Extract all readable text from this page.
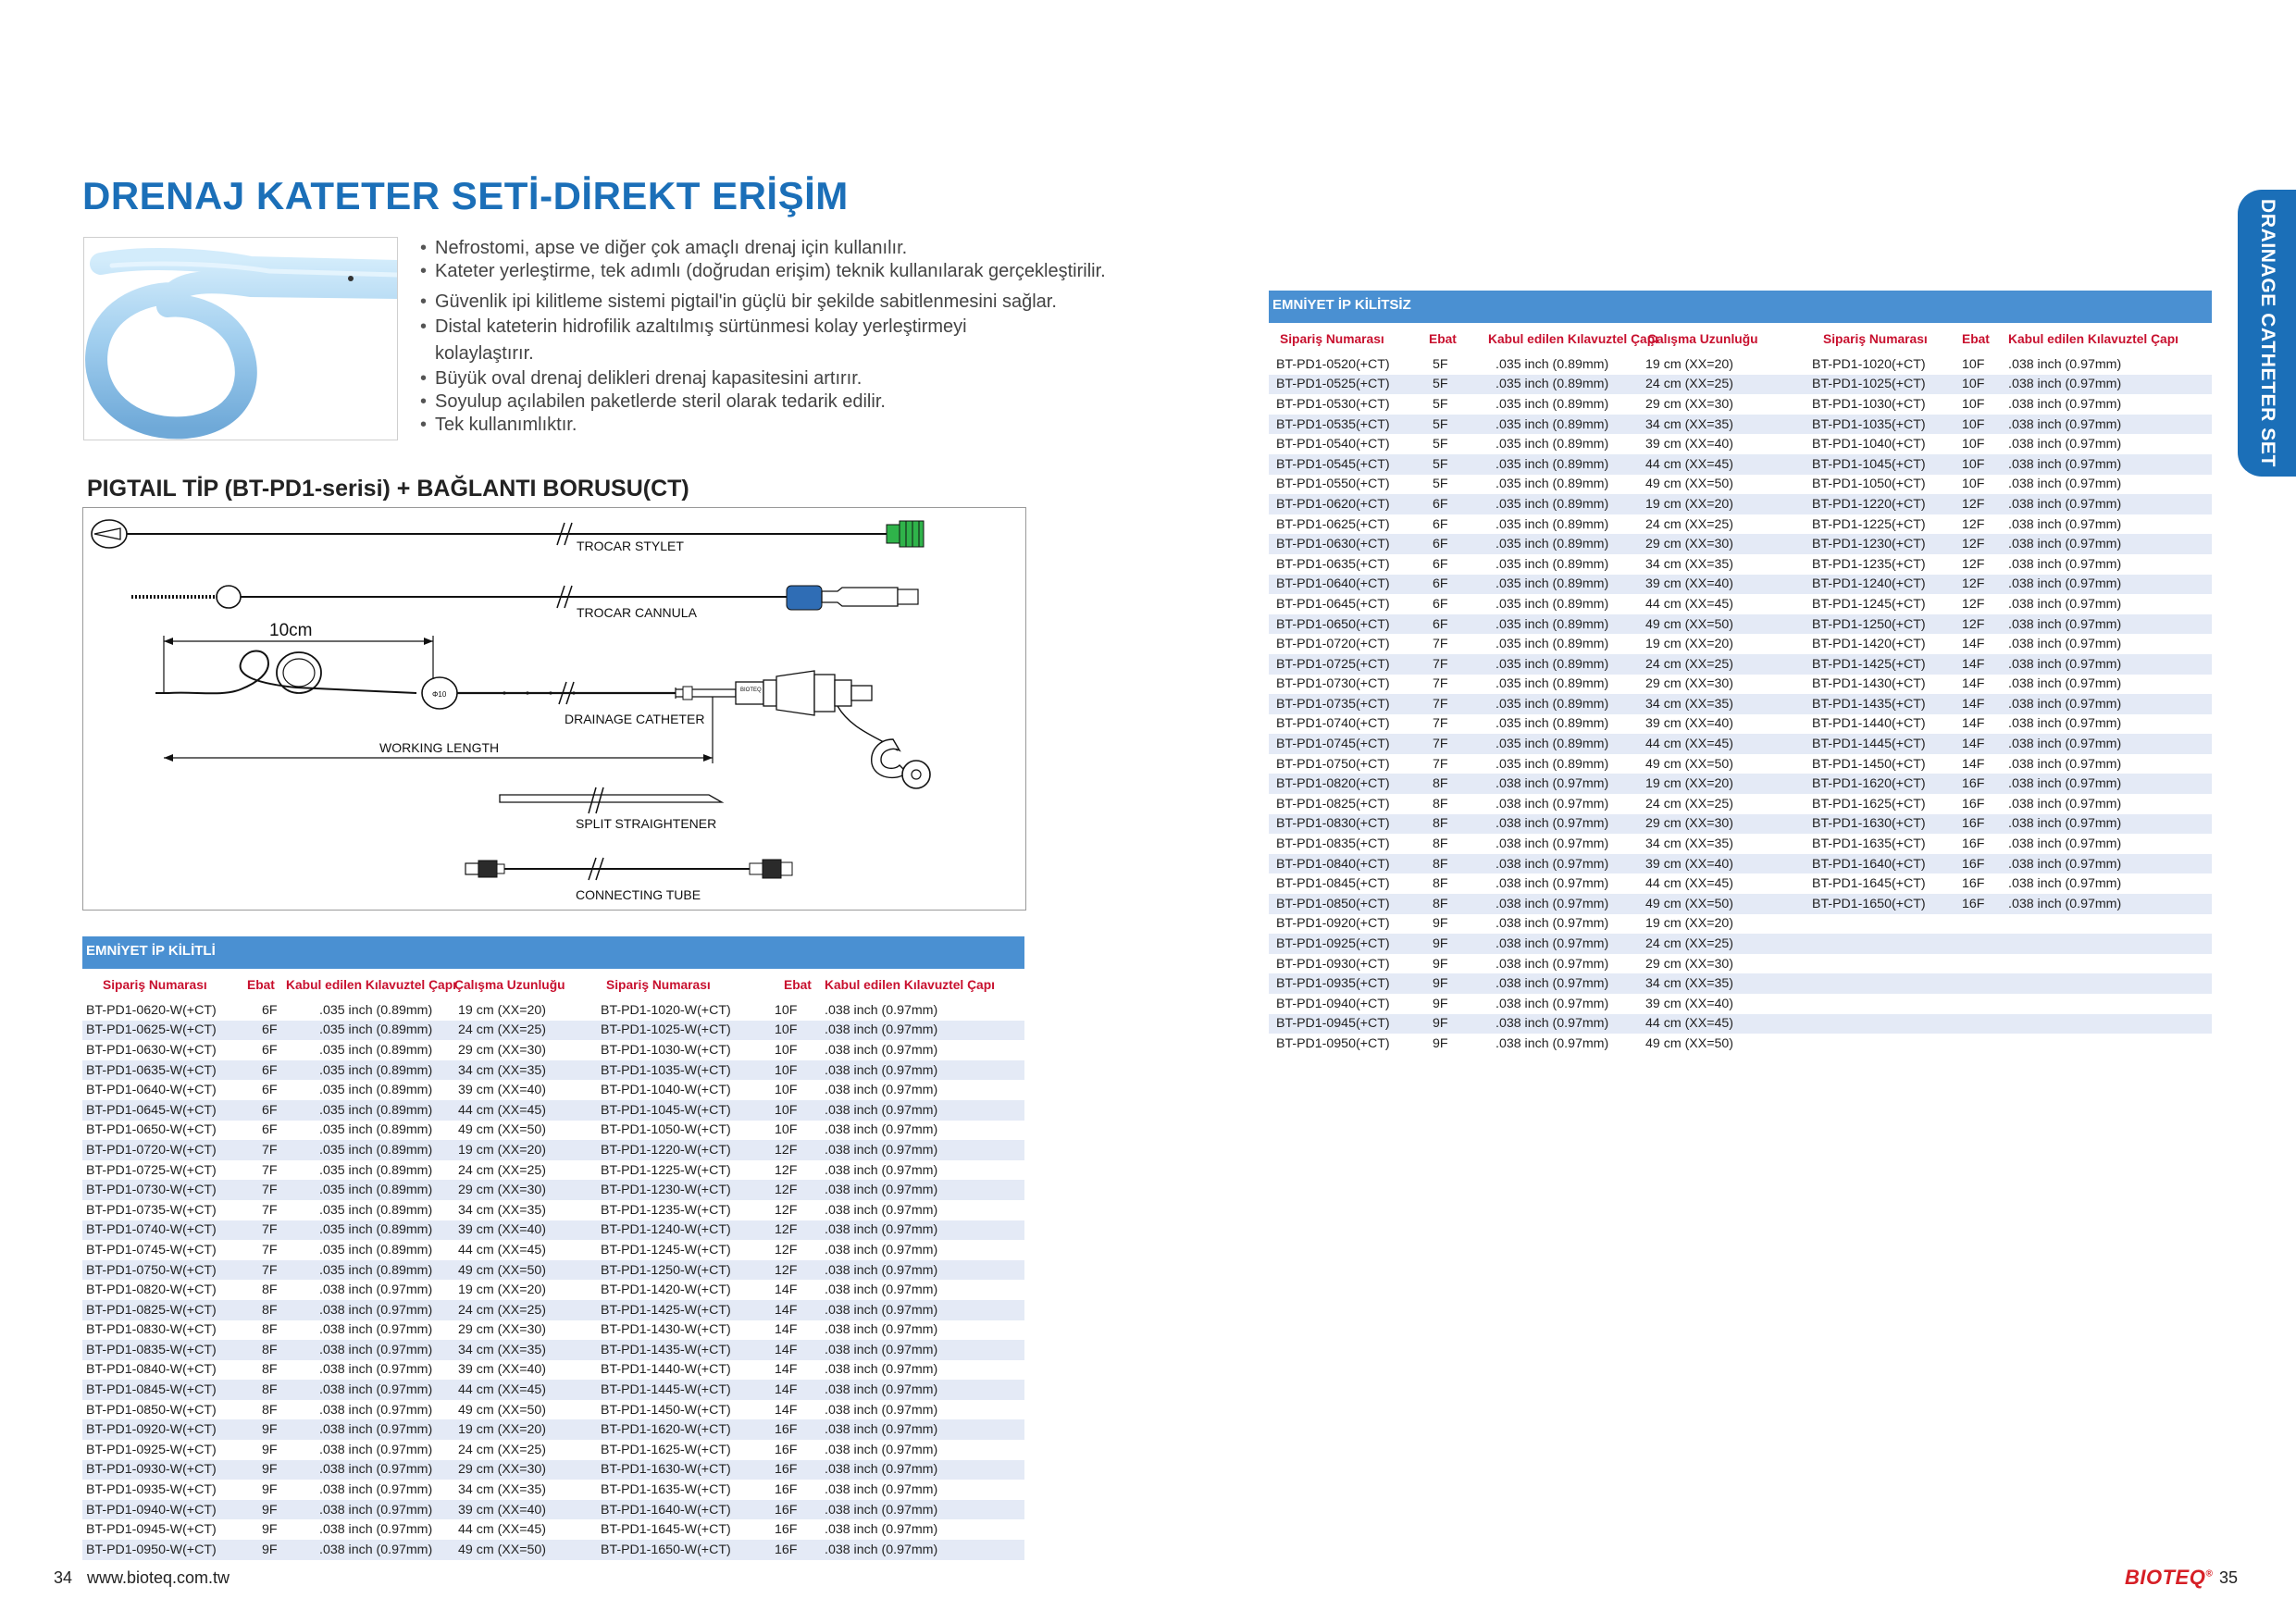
DRENAJ KATETER SETİ-DİREKT ERİŞİM
• Nefrostomi, apse ve diğer çok amaçlı drenaj için kullanılır.
• Kateter yerleştirme, tek adımlı (doğrudan erişim) teknik kullanılarak gerçekleştirilir.
• Güvenlik ipi kilitleme sistemi pigtail'in güçlü bir şekilde sabitlenmesini sağlar.
• Distal kateterin hidrofilik azaltılmış sürtünmesi kolay yerleştirmeyi kolaylaştırır.
• Büyük oval drenaj delikleri drenaj kapasitesini artırır.
• Soyulup açılabilen paketlerde steril olarak tedarik edilir.
• Tek kullanımlıktır.
PIGTAIL TİP (BT-PD1-serisi) + BAĞLANTI BORUSU(CT)
TROCAR STYLET
TROCAR CANNULA
10cm
Φ10	BIOTEQ
DRAINAGE CATHETER
WORKING LENGTH
SPLIT STRAIGHTENER
CONNECTING TUBE
EMNİYET İP KİLİTLİ
Sipariş Numarası	Ebat	Kabul edilen Kılavuztel Çapı	Çalışma Uzunluğu	Sipariş Numarası	Ebat	Kabul edilen Kılavuztel Çapı
BT-PD1-0620-W(+CT)	6F	.035 inch (0.89mm)	19 cm (XX=20)	BT-PD1-1020-W(+CT)	10F	.038 inch (0.97mm)
BT-PD1-0625-W(+CT)	6F	.035 inch (0.89mm)	24 cm (XX=25)	BT-PD1-1025-W(+CT)	10F	.038 inch (0.97mm)
BT-PD1-0630-W(+CT)	6F	.035 inch (0.89mm)	29 cm (XX=30)	BT-PD1-1030-W(+CT)	10F	.038 inch (0.97mm)
BT-PD1-0635-W(+CT)	6F	.035 inch (0.89mm)	34 cm (XX=35)	BT-PD1-1035-W(+CT)	10F	.038 inch (0.97mm)
BT-PD1-0640-W(+CT)	6F	.035 inch (0.89mm)	39 cm (XX=40)	BT-PD1-1040-W(+CT)	10F	.038 inch (0.97mm)
BT-PD1-0645-W(+CT)	6F	.035 inch (0.89mm)	44 cm (XX=45)	BT-PD1-1045-W(+CT)	10F	.038 inch (0.97mm)
BT-PD1-0650-W(+CT)	6F	.035 inch (0.89mm)	49 cm (XX=50)	BT-PD1-1050-W(+CT)	10F	.038 inch (0.97mm)
BT-PD1-0720-W(+CT)	7F	.035 inch (0.89mm)	19 cm (XX=20)	BT-PD1-1220-W(+CT)	12F	.038 inch (0.97mm)
BT-PD1-0725-W(+CT)	7F	.035 inch (0.89mm)	24 cm (XX=25)	BT-PD1-1225-W(+CT)	12F	.038 inch (0.97mm)
BT-PD1-0730-W(+CT)	7F	.035 inch (0.89mm)	29 cm (XX=30)	BT-PD1-1230-W(+CT)	12F	.038 inch (0.97mm)
BT-PD1-0735-W(+CT)	7F	.035 inch (0.89mm)	34 cm (XX=35)	BT-PD1-1235-W(+CT)	12F	.038 inch (0.97mm)
BT-PD1-0740-W(+CT)	7F	.035 inch (0.89mm)	39 cm (XX=40)	BT-PD1-1240-W(+CT)	12F	.038 inch (0.97mm)
BT-PD1-0745-W(+CT)	7F	.035 inch (0.89mm)	44 cm (XX=45)	BT-PD1-1245-W(+CT)	12F	.038 inch (0.97mm)
BT-PD1-0750-W(+CT)	7F	.035 inch (0.89mm)	49 cm (XX=50)	BT-PD1-1250-W(+CT)	12F	.038 inch (0.97mm)
BT-PD1-0820-W(+CT)	8F	.038 inch (0.97mm)	19 cm (XX=20)	BT-PD1-1420-W(+CT)	14F	.038 inch (0.97mm)
BT-PD1-0825-W(+CT)	8F	.038 inch (0.97mm)	24 cm (XX=25)	BT-PD1-1425-W(+CT)	14F	.038 inch (0.97mm)
BT-PD1-0830-W(+CT)	8F	.038 inch (0.97mm)	29 cm (XX=30)	BT-PD1-1430-W(+CT)	14F	.038 inch (0.97mm)
BT-PD1-0835-W(+CT)	8F	.038 inch (0.97mm)	34 cm (XX=35)	BT-PD1-1435-W(+CT)	14F	.038 inch (0.97mm)
BT-PD1-0840-W(+CT)	8F	.038 inch (0.97mm)	39 cm (XX=40)	BT-PD1-1440-W(+CT)	14F	.038 inch (0.97mm)
BT-PD1-0845-W(+CT)	8F	.038 inch (0.97mm)	44 cm (XX=45)	BT-PD1-1445-W(+CT)	14F	.038 inch (0.97mm)
BT-PD1-0850-W(+CT)	8F	.038 inch (0.97mm)	49 cm (XX=50)	BT-PD1-1450-W(+CT)	14F	.038 inch (0.97mm)
BT-PD1-0920-W(+CT)	9F	.038 inch (0.97mm)	19 cm (XX=20)	BT-PD1-1620-W(+CT)	16F	.038 inch (0.97mm)
BT-PD1-0925-W(+CT)	9F	.038 inch (0.97mm)	24 cm (XX=25)	BT-PD1-1625-W(+CT)	16F	.038 inch (0.97mm)
BT-PD1-0930-W(+CT)	9F	.038 inch (0.97mm)	29 cm (XX=30)	BT-PD1-1630-W(+CT)	16F	.038 inch (0.97mm)
BT-PD1-0935-W(+CT)	9F	.038 inch (0.97mm)	34 cm (XX=35)	BT-PD1-1635-W(+CT)	16F	.038 inch (0.97mm)
BT-PD1-0940-W(+CT)	9F	.038 inch (0.97mm)	39 cm (XX=40)	BT-PD1-1640-W(+CT)	16F	.038 inch (0.97mm)
BT-PD1-0945-W(+CT)	9F	.038 inch (0.97mm)	44 cm (XX=45)	BT-PD1-1645-W(+CT)	16F	.038 inch (0.97mm)
BT-PD1-0950-W(+CT)	9F	.038 inch (0.97mm)	49 cm (XX=50)	BT-PD1-1650-W(+CT)	16F	.038 inch (0.97mm)
EMNİYET İP KİLİTSİZ
Sipariş Numarası	Ebat	Kabul edilen Kılavuztel Çapı	Çalışma Uzunluğu	Sipariş Numarası	Ebat	Kabul edilen Kılavuztel Çapı
BT-PD1-0520(+CT)	5F	.035 inch (0.89mm)	19 cm (XX=20)	BT-PD1-1020(+CT)	10F	.038 inch (0.97mm)
BT-PD1-0525(+CT)	5F	.035 inch (0.89mm)	24 cm (XX=25)	BT-PD1-1025(+CT)	10F	.038 inch (0.97mm)
BT-PD1-0530(+CT)	5F	.035 inch (0.89mm)	29 cm (XX=30)	BT-PD1-1030(+CT)	10F	.038 inch (0.97mm)
BT-PD1-0535(+CT)	5F	.035 inch (0.89mm)	34 cm (XX=35)	BT-PD1-1035(+CT)	10F	.038 inch (0.97mm)
BT-PD1-0540(+CT)	5F	.035 inch (0.89mm)	39 cm (XX=40)	BT-PD1-1040(+CT)	10F	.038 inch (0.97mm)
BT-PD1-0545(+CT)	5F	.035 inch (0.89mm)	44 cm (XX=45)	BT-PD1-1045(+CT)	10F	.038 inch (0.97mm)
BT-PD1-0550(+CT)	5F	.035 inch (0.89mm)	49 cm (XX=50)	BT-PD1-1050(+CT)	10F	.038 inch (0.97mm)
BT-PD1-0620(+CT)	6F	.035 inch (0.89mm)	19 cm (XX=20)	BT-PD1-1220(+CT)	12F	.038 inch (0.97mm)
BT-PD1-0625(+CT)	6F	.035 inch (0.89mm)	24 cm (XX=25)	BT-PD1-1225(+CT)	12F	.038 inch (0.97mm)
BT-PD1-0630(+CT)	6F	.035 inch (0.89mm)	29 cm (XX=30)	BT-PD1-1230(+CT)	12F	.038 inch (0.97mm)
BT-PD1-0635(+CT)	6F	.035 inch (0.89mm)	34 cm (XX=35)	BT-PD1-1235(+CT)	12F	.038 inch (0.97mm)
BT-PD1-0640(+CT)	6F	.035 inch (0.89mm)	39 cm (XX=40)	BT-PD1-1240(+CT)	12F	.038 inch (0.97mm)
BT-PD1-0645(+CT)	6F	.035 inch (0.89mm)	44 cm (XX=45)	BT-PD1-1245(+CT)	12F	.038 inch (0.97mm)
BT-PD1-0650(+CT)	6F	.035 inch (0.89mm)	49 cm (XX=50)	BT-PD1-1250(+CT)	12F	.038 inch (0.97mm)
BT-PD1-0720(+CT)	7F	.035 inch (0.89mm)	19 cm (XX=20)	BT-PD1-1420(+CT)	14F	.038 inch (0.97mm)
BT-PD1-0725(+CT)	7F	.035 inch (0.89mm)	24 cm (XX=25)	BT-PD1-1425(+CT)	14F	.038 inch (0.97mm)
BT-PD1-0730(+CT)	7F	.035 inch (0.89mm)	29 cm (XX=30)	BT-PD1-1430(+CT)	14F	.038 inch (0.97mm)
BT-PD1-0735(+CT)	7F	.035 inch (0.89mm)	34 cm (XX=35)	BT-PD1-1435(+CT)	14F	.038 inch (0.97mm)
BT-PD1-0740(+CT)	7F	.035 inch (0.89mm)	39 cm (XX=40)	BT-PD1-1440(+CT)	14F	.038 inch (0.97mm)
BT-PD1-0745(+CT)	7F	.035 inch (0.89mm)	44 cm (XX=45)	BT-PD1-1445(+CT)	14F	.038 inch (0.97mm)
BT-PD1-0750(+CT)	7F	.035 inch (0.89mm)	49 cm (XX=50)	BT-PD1-1450(+CT)	14F	.038 inch (0.97mm)
BT-PD1-0820(+CT)	8F	.038 inch (0.97mm)	19 cm (XX=20)	BT-PD1-1620(+CT)	16F	.038 inch (0.97mm)
BT-PD1-0825(+CT)	8F	.038 inch (0.97mm)	24 cm (XX=25)	BT-PD1-1625(+CT)	16F	.038 inch (0.97mm)
BT-PD1-0830(+CT)	8F	.038 inch (0.97mm)	29 cm (XX=30)	BT-PD1-1630(+CT)	16F	.038 inch (0.97mm)
BT-PD1-0835(+CT)	8F	.038 inch (0.97mm)	34 cm (XX=35)	BT-PD1-1635(+CT)	16F	.038 inch (0.97mm)
BT-PD1-0840(+CT)	8F	.038 inch (0.97mm)	39 cm (XX=40)	BT-PD1-1640(+CT)	16F	.038 inch (0.97mm)
BT-PD1-0845(+CT)	8F	.038 inch (0.97mm)	44 cm (XX=45)	BT-PD1-1645(+CT)	16F	.038 inch (0.97mm)
BT-PD1-0850(+CT)	8F	.038 inch (0.97mm)	49 cm (XX=50)	BT-PD1-1650(+CT)	16F	.038 inch (0.97mm)
BT-PD1-0920(+CT)	9F	.038 inch (0.97mm)	19 cm (XX=20)			
BT-PD1-0925(+CT)	9F	.038 inch (0.97mm)	24 cm (XX=25)			
BT-PD1-0930(+CT)	9F	.038 inch (0.97mm)	29 cm (XX=30)			
BT-PD1-0935(+CT)	9F	.038 inch (0.97mm)	34 cm (XX=35)			
BT-PD1-0940(+CT)	9F	.038 inch (0.97mm)	39 cm (XX=40)			
BT-PD1-0945(+CT)	9F	.038 inch (0.97mm)	44 cm (XX=45)			
BT-PD1-0950(+CT)	9F	.038 inch (0.97mm)	49 cm (XX=50)			
DRAINAGE CATHETER SET
34 www.bioteq.com.tw	BIOTEQ® 35
